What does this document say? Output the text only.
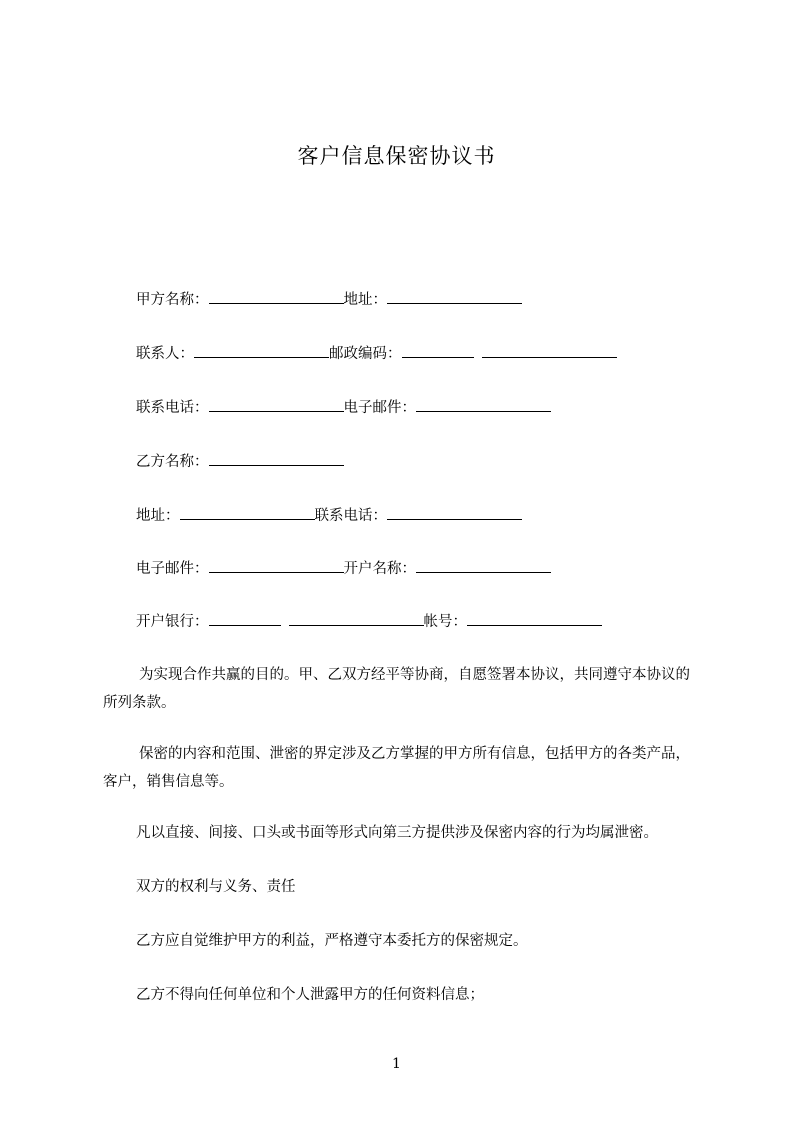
客户信息保密协议书
甲方名称：	地址：
联系人：	邮政编码：
联系电话：	电子邮件：
乙方名称：
地址：	联系电话：
电子邮件：	开户名称：
开户银行：	帐号：
为实现合作共赢的目的。甲、乙双方经平等协商，自愿签署本协议，共同遵守本协议的所列条款。
保密的内容和范围、泄密的界定涉及乙方掌握的甲方所有信息，包括甲方的各类产品，客户，销售信息等。
凡以直接、间接、口头或书面等形式向第三方提供涉及保密内容的行为均属泄密。
双方的权利与义务、责任
乙方应自觉维护甲方的利益，严格遵守本委托方的保密规定。
乙方不得向任何单位和个人泄露甲方的任何资料信息；
1
